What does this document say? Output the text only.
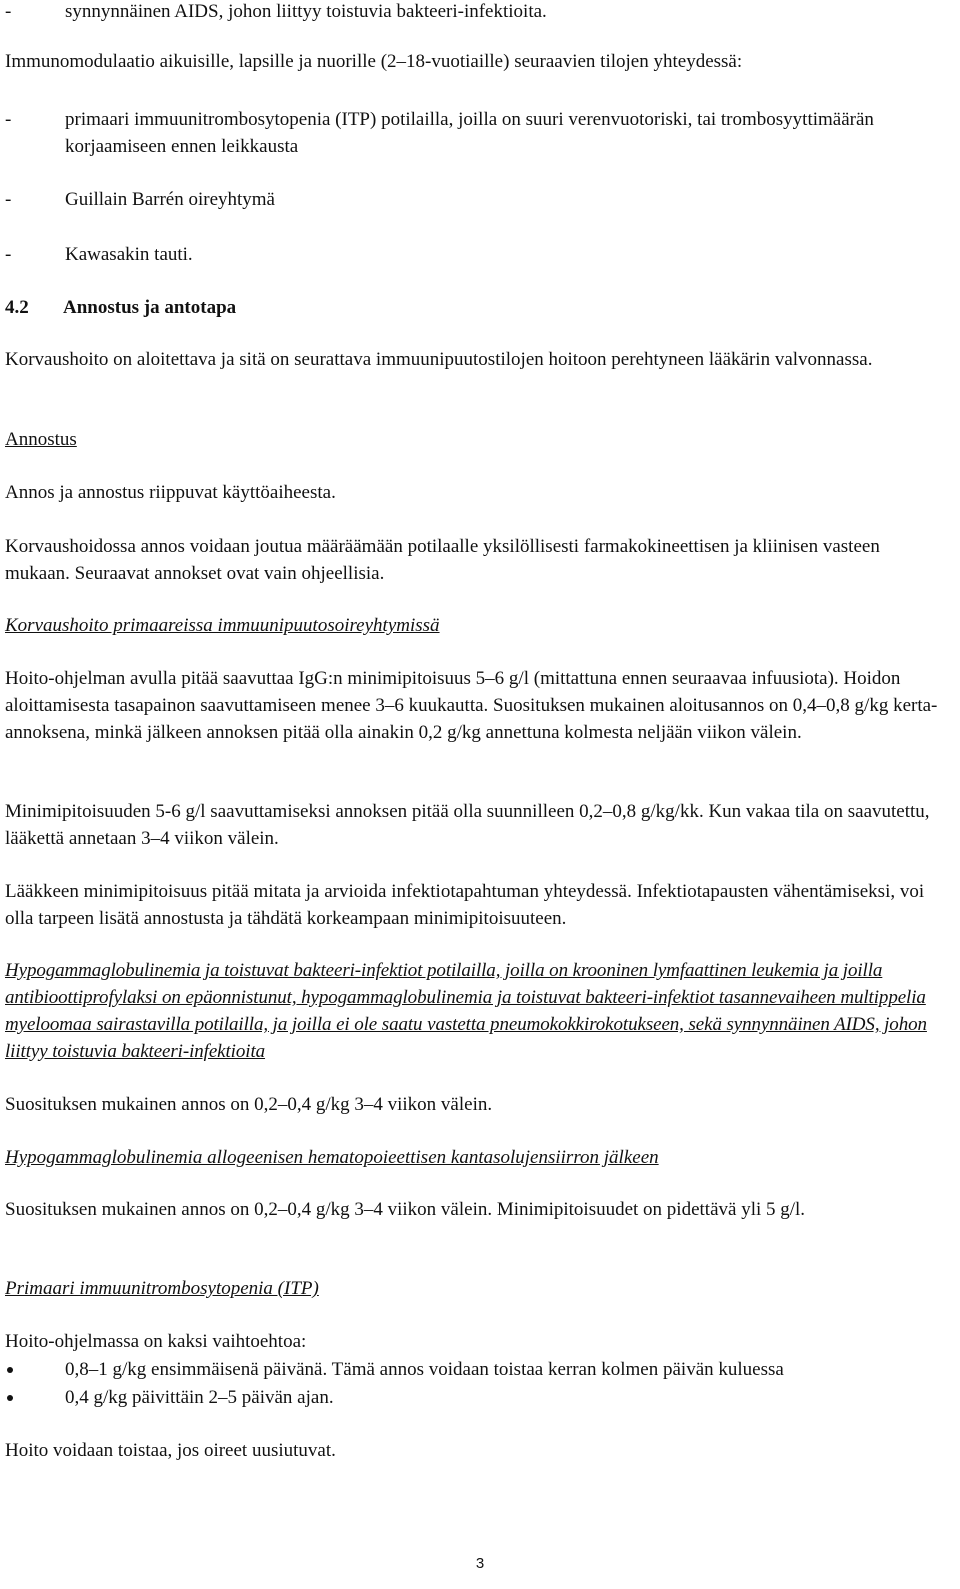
-	synnynnäinen AIDS, johon liittyy toistuvia bakteeri-infektioita.

Immunomodulaatio aikuisille, lapsille ja nuorille (2–18-vuotiaille) seuraavien tilojen yhteydessä:

-	primaari immuunitrombosytopenia (ITP) potilailla, joilla on suuri verenvuotoriski, tai trombosyyttimäärän korjaamiseen ennen leikkausta
-	Guillain Barrén oireyhtymä
-	Kawasakin tauti.

4.2 Annostus ja antotapa

Korvaushoito on aloitettava ja sitä on seurattava immuunipuutostilojen hoitoon perehtyneen lääkärin valvonnassa.

Annostus

Annos ja annostus riippuvat käyttöaiheesta.

Korvaushoidossa annos voidaan joutua määräämään potilaalle yksilöllisesti farmakokineettisen ja kliinisen vasteen mukaan. Seuraavat annokset ovat vain ohjeellisia.

Korvaushoito primaareissa immuunipuutosoireyhtymissä

Hoito-ohjelman avulla pitää saavuttaa IgG:n minimipitoisuus 5–6 g/l (mittattuna ennen seuraavaa infuusiota). Hoidon aloittamisesta tasapainon saavuttamiseen menee 3–6 kuukautta. Suosituksen mukainen aloitusannos on 0,4–0,8 g/kg kerta-annoksena, minkä jälkeen annoksen pitää olla ainakin 0,2 g/kg annettuna kolmesta neljään viikon välein.

Minimipitoisuuden 5-6 g/l saavuttamiseksi annoksen pitää olla suunnilleen 0,2–0,8 g/kg/kk. Kun vakaa tila on saavutettu, lääkettä annetaan 3–4 viikon välein.

Lääkkeen minimipitoisuus pitää mitata ja arvioida infektiotapahtuman yhteydessä. Infektiotapausten vähentämiseksi, voi olla tarpeen lisätä annostusta ja tähdätä korkeampaan minimipitoisuuteen.

Hypogammaglobulinemia ja toistuvat bakteeri-infektiot potilailla, joilla on krooninen lymfaattinen leukemia ja joilla antibioottiprofylaksi on epäonnistunut, hypogammaglobulinemia ja toistuvat bakteeri-infektiot tasannevaiheen multippelia myeloomaa sairastavilla potilailla, ja joilla ei ole saatu vastetta pneumokokkirokotukseen, sekä synnynnäinen AIDS, johon liittyy toistuvia bakteeri-infektioita

Suosituksen mukainen annos on 0,2–0,4 g/kg 3–4 viikon välein.

Hypogammaglobulinemia allogeenisen hematopoieettisen kantasolujensiirron jälkeen

Suosituksen mukainen annos on 0,2–0,4 g/kg 3–4 viikon välein. Minimipitoisuudet on pidettävä yli 5 g/l.

Primaari immuunitrombosytopenia (ITP)

Hoito-ohjelmassa on kaksi vaihtoehtoa:

0,8–1 g/kg ensimmäisenä päivänä. Tämä annos voidaan toistaa kerran kolmen päivän kuluessa
0,4 g/kg päivittäin 2–5 päivän ajan.

Hoito voidaan toistaa, jos oireet uusiutuvat.

3
